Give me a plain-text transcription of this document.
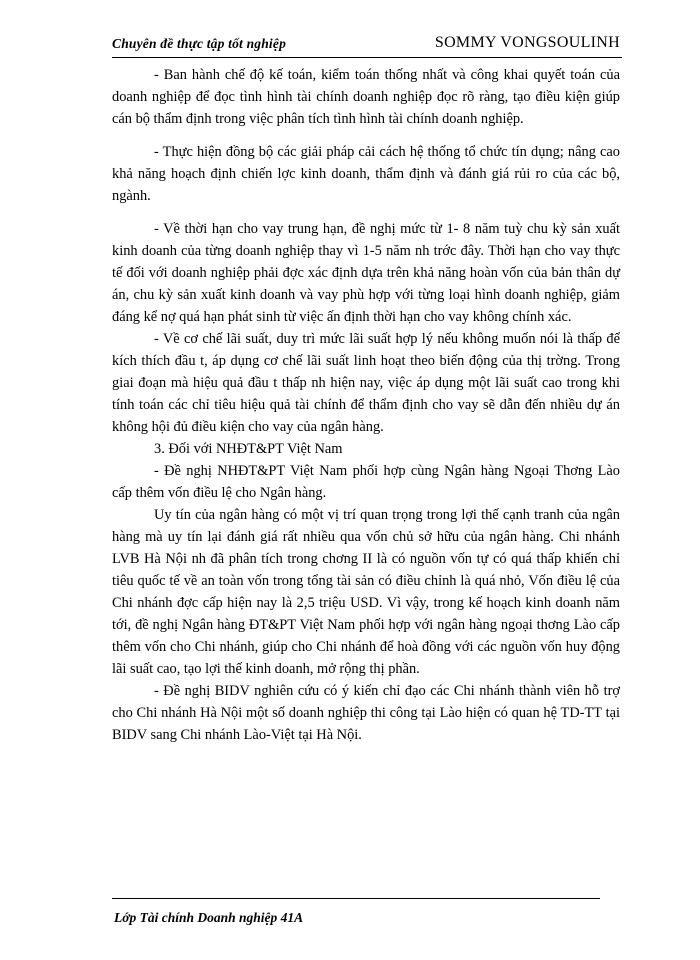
Chuyên đề thực tập tốt nghiệp	SOMMY VONGSOULINH

- Ban hành chế độ kế toán, kiểm toán thống nhất và công khai quyết toán của doanh nghiệp để đọc tình hình tài chính doanh nghiệp đọc rõ ràng, tạo điều kiện giúp cán bộ thẩm định trong việc phân tích tình hình tài chính doanh nghiệp.

- Thực hiện đồng bộ các giải pháp cải cách hệ thống tổ chức tín dụng; nâng cao khả năng hoạch định chiến lợc kinh doanh, thẩm định và đánh giá rủi ro của các bộ, ngành.

- Về thời hạn cho vay trung hạn, đề nghị mức từ 1- 8 năm tuỳ chu kỳ sản xuất kinh doanh của từng doanh nghiệp thay vì 1-5 năm nh trớc đây. Thời hạn cho vay thực tế đối với doanh nghiệp phải đợc xác định dựa trên khả năng hoàn vốn của bản thân dự án, chu kỳ sản xuất kinh doanh và vay phù hợp với từng loại hình doanh nghiệp, giảm đáng kể nợ quá hạn phát sinh từ việc ấn định thời hạn cho vay không chính xác.

- Về cơ chế lãi suất, duy trì mức lãi suất hợp lý nếu không muốn nói là thấp để kích thích đầu t, áp dụng cơ chế lãi suất linh hoạt theo biến động của thị trờng. Trong giai đoạn mà hiệu quả đầu t thấp nh hiện nay, việc áp dụng một lãi suất cao trong khi tính toán các chỉ tiêu hiệu quả tài chính để thẩm định cho vay sẽ dẫn đến nhiều dự án không hội đủ điều kiện cho vay của ngân hàng.

3. Đối với NHĐT&PT Việt Nam

- Đề nghị NHĐT&PT Việt Nam phối hợp cùng Ngân hàng Ngoại Thơng Lào cấp thêm vốn điều lệ cho Ngân hàng.

Uy tín của ngân hàng có một vị trí quan trọng trong lợi thế cạnh tranh của ngân hàng mà uy tín lại đánh giá rất nhiều qua vốn chủ sở hữu của ngân hàng. Chi nhánh LVB Hà Nội nh đã phân tích trong chơng II là có nguồn vốn tự có quá thấp khiến chỉ tiêu quốc tế về an toàn vốn trong tổng tài sản có điều chỉnh là quá nhỏ, Vốn điều lệ của Chi nhánh đợc cấp hiện nay là 2,5 triệu USD. Vì vậy, trong kế hoạch kinh doanh năm tới, đề nghị Ngân hàng ĐT&PT Việt Nam phối hợp với ngân hàng ngoại thơng Lào cấp thêm vốn cho Chi nhánh, giúp cho Chi nhánh để hoà đồng với các nguồn vốn huy động lãi suất cao, tạo lợi thế kinh doanh, mở rộng thị phần.

- Đề nghị BIDV nghiên cứu có ý kiến chỉ đạo các Chi nhánh thành viên hỗ trợ cho Chi nhánh Hà Nội một số doanh nghiệp thi công tại Lào hiện có quan hệ TD-TT tại BIDV sang Chi nhánh Lào-Việt tại Hà Nội.

Lớp Tài chính Doanh nghiệp 41A
